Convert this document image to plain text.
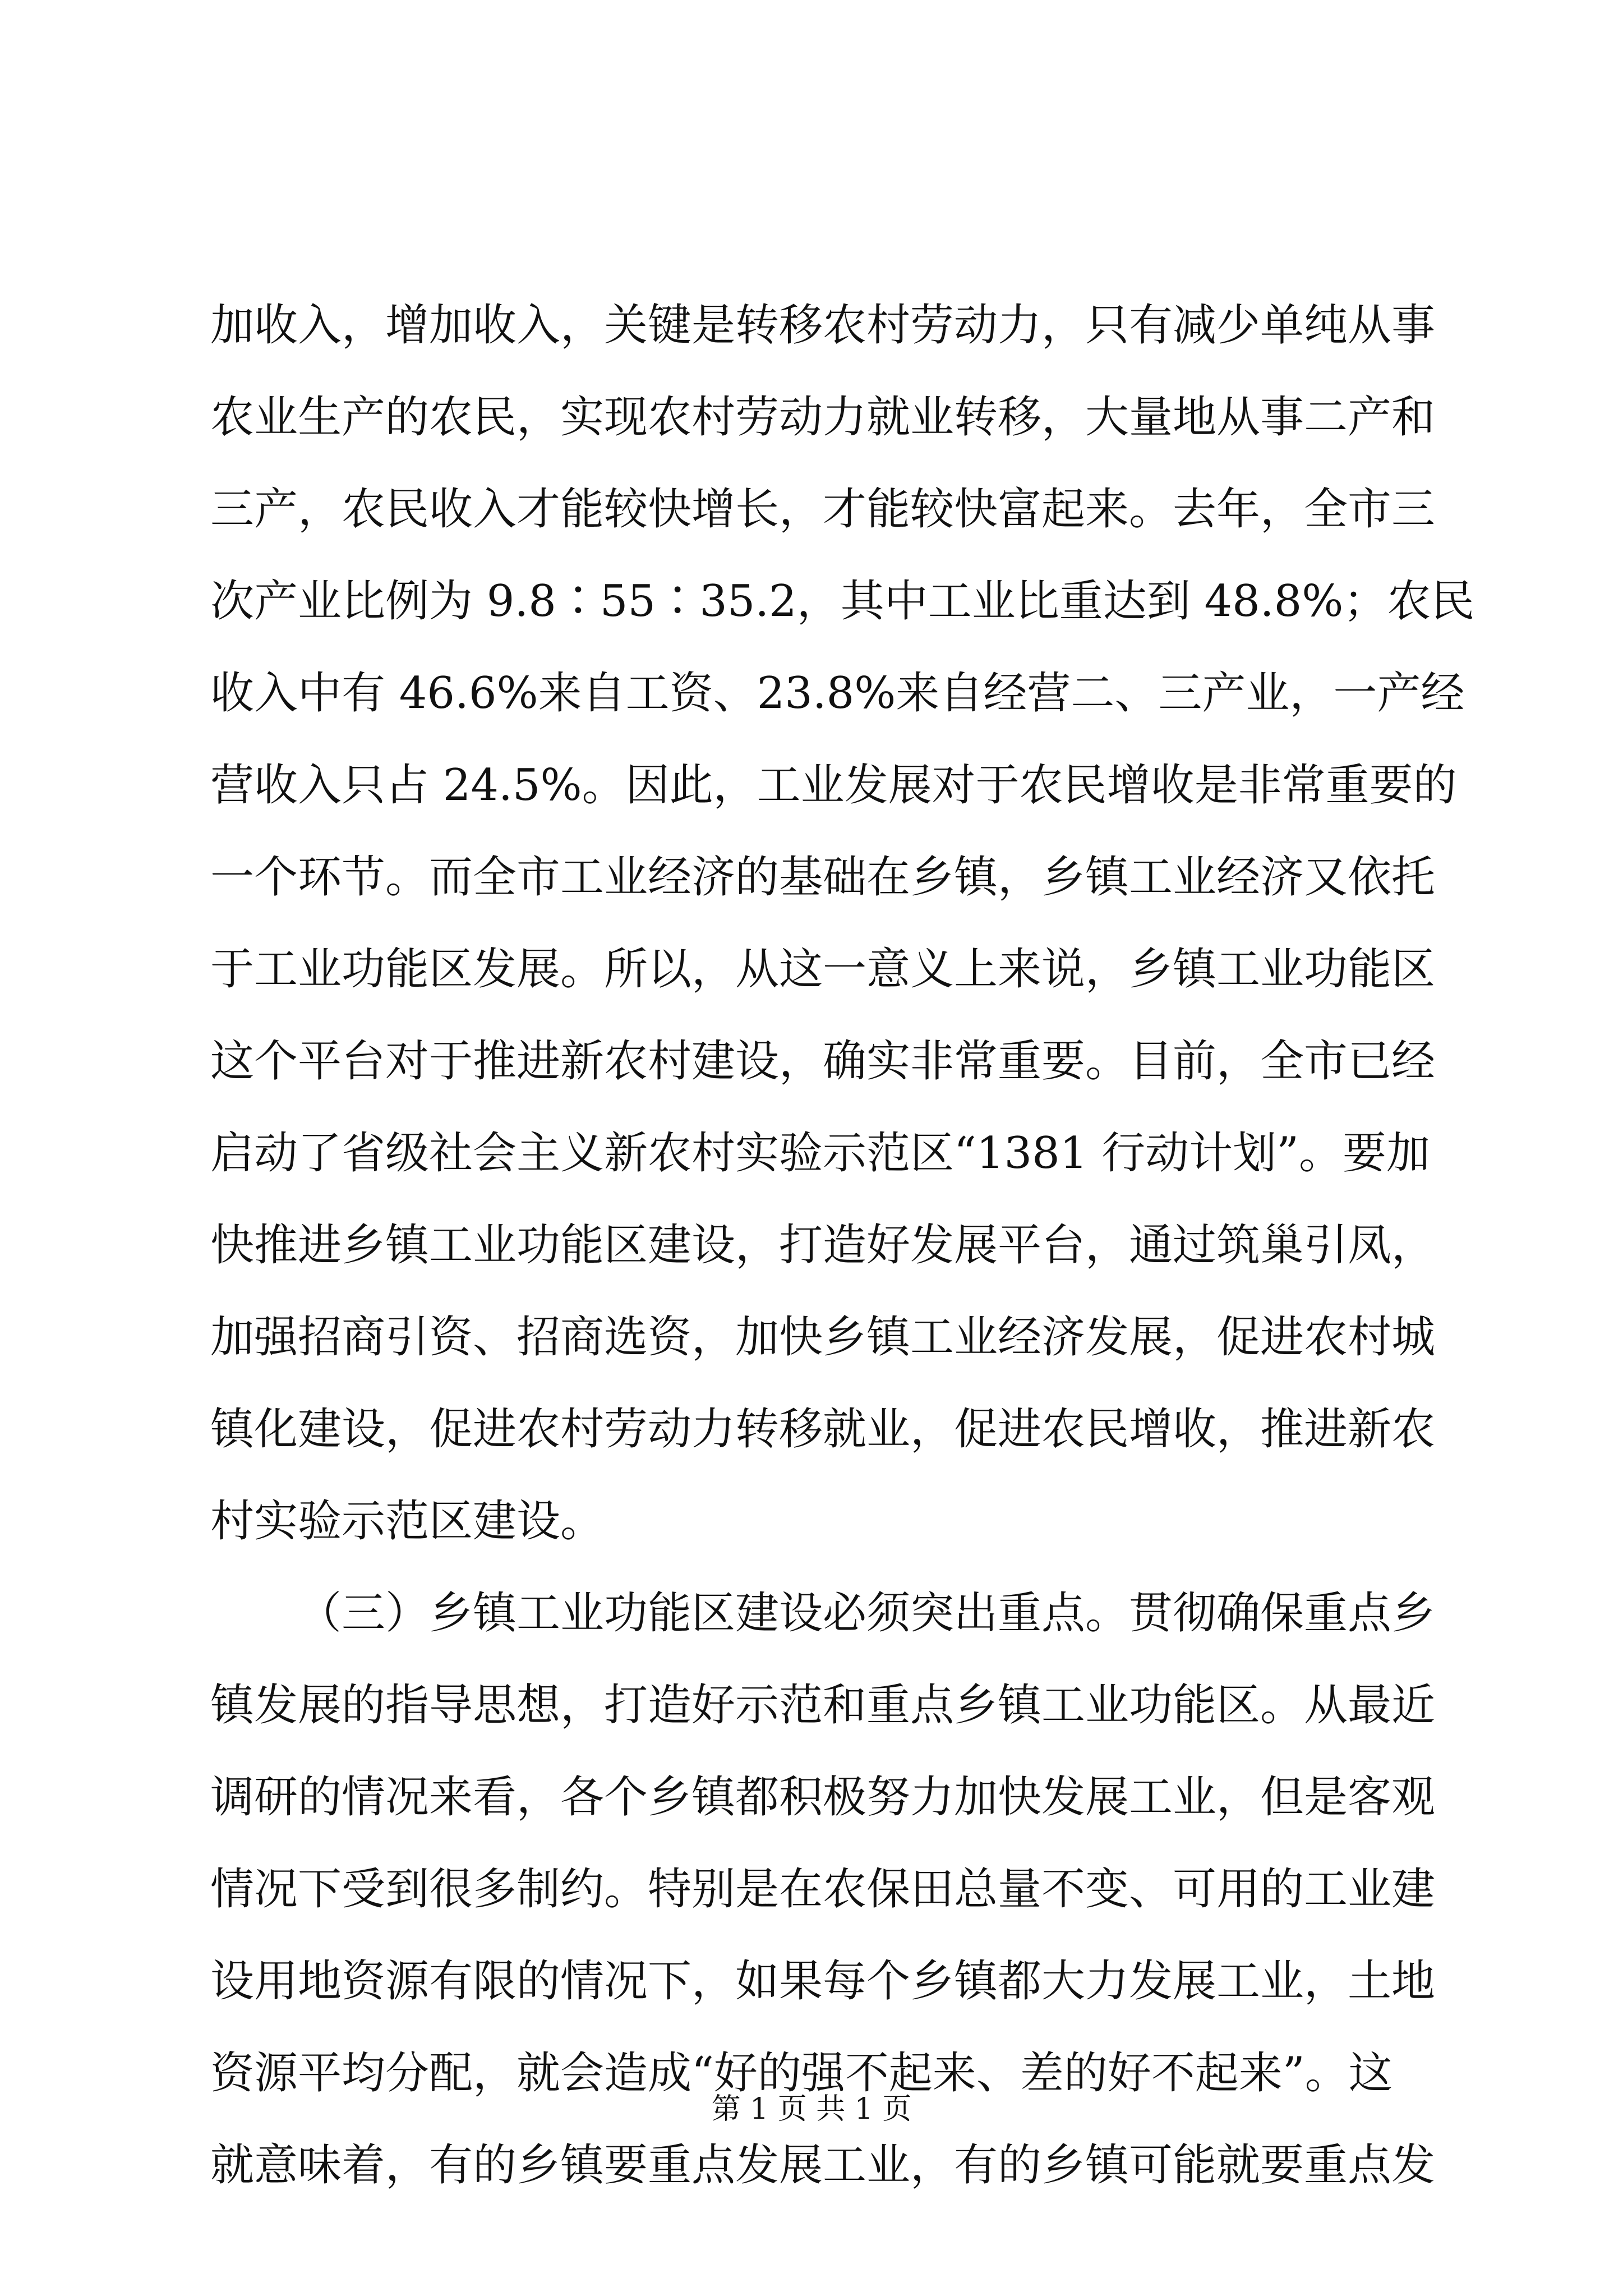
加收入，增加收入，关键是转移农村劳动力，只有减少单纯从事
农业生产的农民，实现农村劳动力就业转移，大量地从事二产和
三产，农民收入才能较快增长，才能较快富起来。去年，全市三
次产业比例为 9.8∶55∶35.2，其中工业比重达到 48.8%；农民
收入中有 46.6%来自工资、23.8%来自经营二、三产业，一产经
营收入只占 24.5%。因此，工业发展对于农民增收是非常重要的
一个环节。而全市工业经济的基础在乡镇，乡镇工业经济又依托
于工业功能区发展。所以，从这一意义上来说，乡镇工业功能区
这个平台对于推进新农村建设，确实非常重要。目前，全市已经
启动了省级社会主义新农村实验示范区“1381 行动计划”。要加
快推进乡镇工业功能区建设，打造好发展平台，通过筑巢引凤，
加强招商引资、招商选资，加快乡镇工业经济发展，促进农村城
镇化建设，促进农村劳动力转移就业，促进农民增收，推进新农
村实验示范区建设。
（三）乡镇工业功能区建设必须突出重点。贯彻确保重点乡
镇发展的指导思想，打造好示范和重点乡镇工业功能区。从最近
调研的情况来看，各个乡镇都积极努力加快发展工业，但是客观
情况下受到很多制约。特别是在农保田总量不变、可用的工业建
设用地资源有限的情况下，如果每个乡镇都大力发展工业，土地
资源平均分配，就会造成“好的强不起来、差的好不起来”。这
就意味着，有的乡镇要重点发展工业，有的乡镇可能就要重点发
第 1 页 共 1 页
